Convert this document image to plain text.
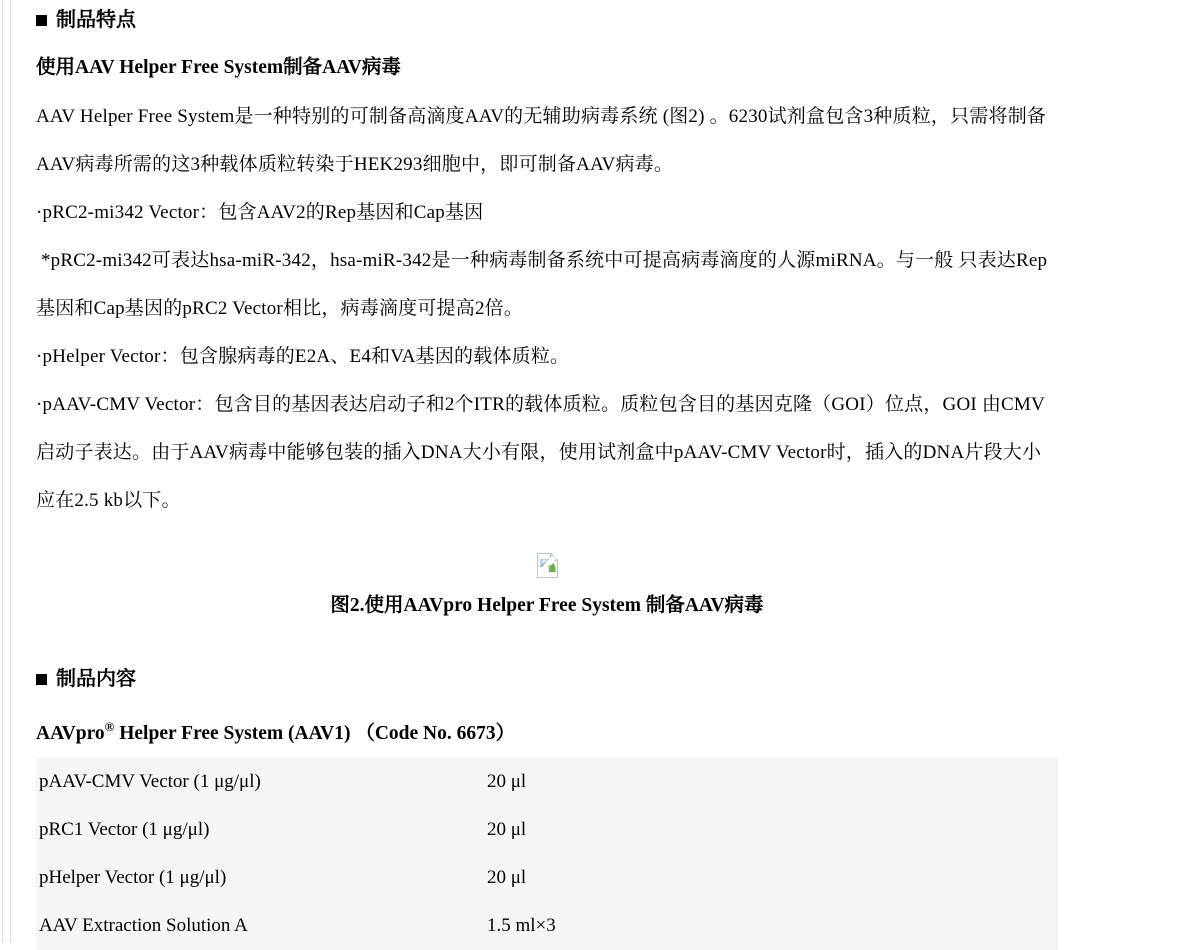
制品特点
使用AAV Helper Free System制备AAV病毒

AAV Helper Free System是一种特别的可制备高滴度AAV的无辅助病毒系统 (图2) 。6230试剂盒包含3种质粒，只需将制备AAV病毒所需的这3种载体质粒转染于HEK293细胞中，即可制备AAV病毒。

·pRC2-mi342 Vector：包含AAV2的Rep基因和Cap基因

*pRC2-mi342可表达hsa-miR-342，hsa-miR-342是一种病毒制备系统中可提高病毒滴度的人源miRNA。与一般 只表达Rep基因和Cap基因的pRC2 Vector相比，病毒滴度可提高2倍。

·pHelper Vector：包含腺病毒的E2A、E4和VA基因的载体质粒。

·pAAV-CMV Vector：包含目的基因表达启动子和2个ITR的载体质粒。质粒包含目的基因克隆（GOI）位点，GOI 由CMV启动子表达。由于AAV病毒中能够包装的插入DNA大小有限，使用试剂盒中pAAV-CMV Vector时，插入的DNA片段大小应在2.5 kb以下。

图2.使用AAVpro Helper Free System 制备AAV病毒
制品内容
AAVpro® Helper Free System (AAV1) （Code No. 6673）
pAAV-CMV Vector (1 μg/μl)	20 μl
pRC1 Vector (1 μg/μl)	20 μl
pHelper Vector (1 μg/μl)	20 μl
AAV Extraction Solution A	1.5 ml×3
